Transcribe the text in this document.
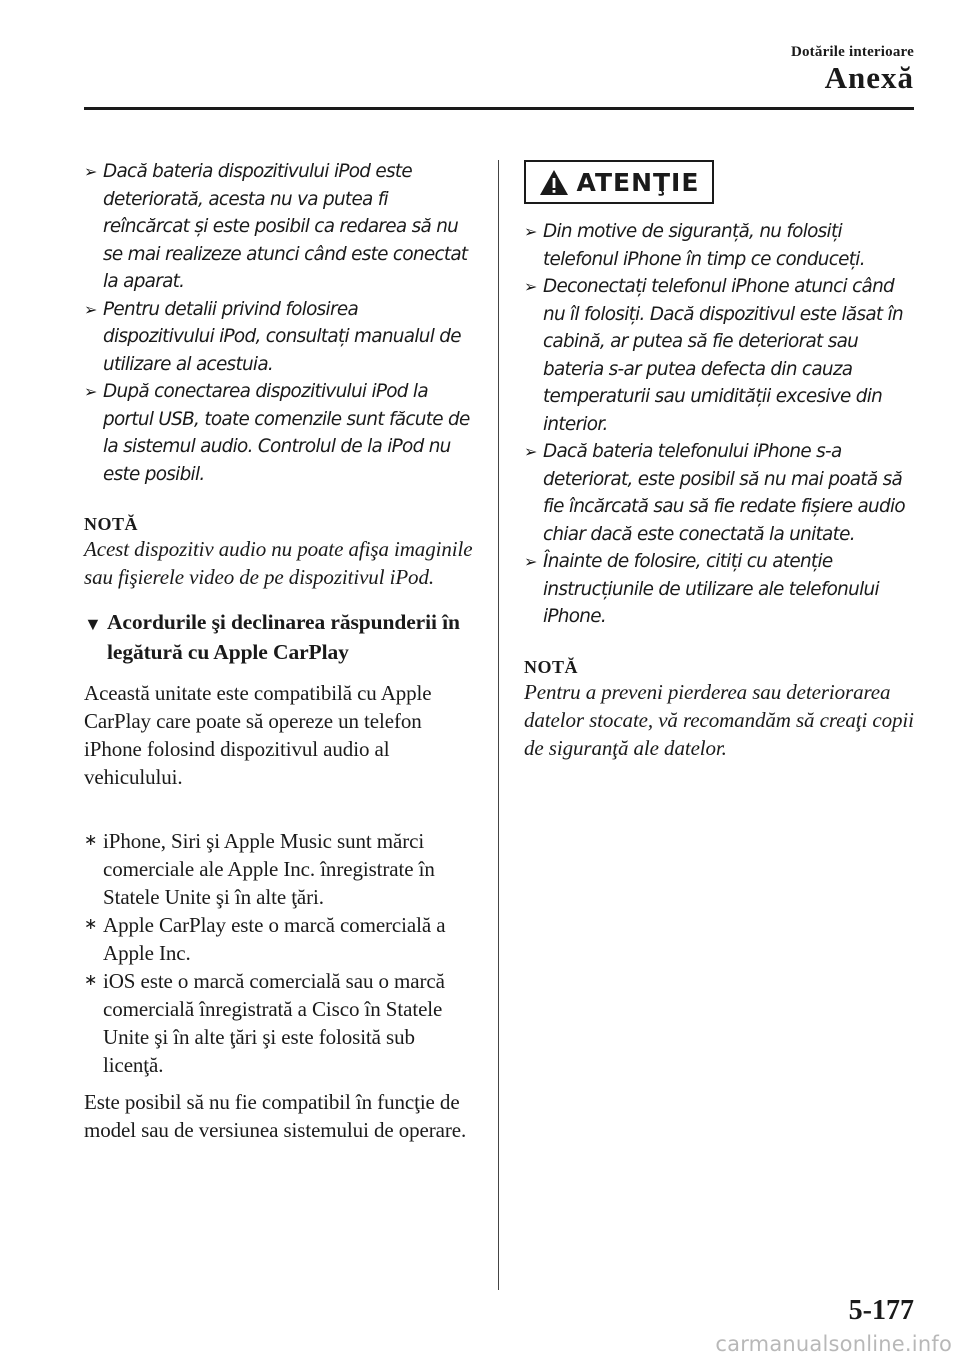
Dotările interioare
Anexă
➢ Dacă bateria dispozitivului iPod este deteriorată, acesta nu va putea fi reîncărcat și este posibil ca redarea să nu se mai realizeze atunci când este conectat la aparat.
➢ Pentru detalii privind folosirea dispozitivului iPod, consultați manualul de utilizare al acestuia.
➢ După conectarea dispozitivului iPod la portul USB, toate comenzile sunt făcute de la sistemul audio. Controlul de la iPod nu este posibil.
NOTĂ
Acest dispozitiv audio nu poate afişa imaginile sau fişierele video de pe dispozitivul iPod.
▼ Acordurile şi declinarea răspunderii în legătură cu Apple CarPlay
Această unitate este compatibilă cu Apple CarPlay care poate să opereze un telefon iPhone folosind dispozitivul audio al vehiculului.
∗ iPhone, Siri şi Apple Music sunt mărci comerciale ale Apple Inc. înregistrate în Statele Unite şi în alte ţări.
∗ Apple CarPlay este o marcă comercială a Apple Inc.
∗ iOS este o marcă comercială sau o marcă comercială înregistrată a Cisco în Statele Unite şi în alte ţări şi este folosită sub licenţă.
Este posibil să nu fie compatibil în funcţie de model sau de versiunea sistemului de operare.
ATENŢIE
➢ Din motive de siguranță, nu folosiți telefonul iPhone în timp ce conduceți.
➢ Deconectați telefonul iPhone atunci când nu îl folosiți. Dacă dispozitivul este lăsat în cabină, ar putea să fie deteriorat sau bateria s-ar putea defecta din cauza temperaturii sau umidității excesive din interior.
➢ Dacă bateria telefonului iPhone s-a deteriorat, este posibil să nu mai poată să fie încărcată sau să fie redate fișiere audio chiar dacă este conectată la unitate.
➢ Înainte de folosire, citiți cu atenție instrucțiunile de utilizare ale telefonului iPhone.
NOTĂ
Pentru a preveni pierderea sau deteriorarea datelor stocate, vă recomandăm să creaţi copii de siguranţă ale datelor.
5-177
carmanualsonline.info
